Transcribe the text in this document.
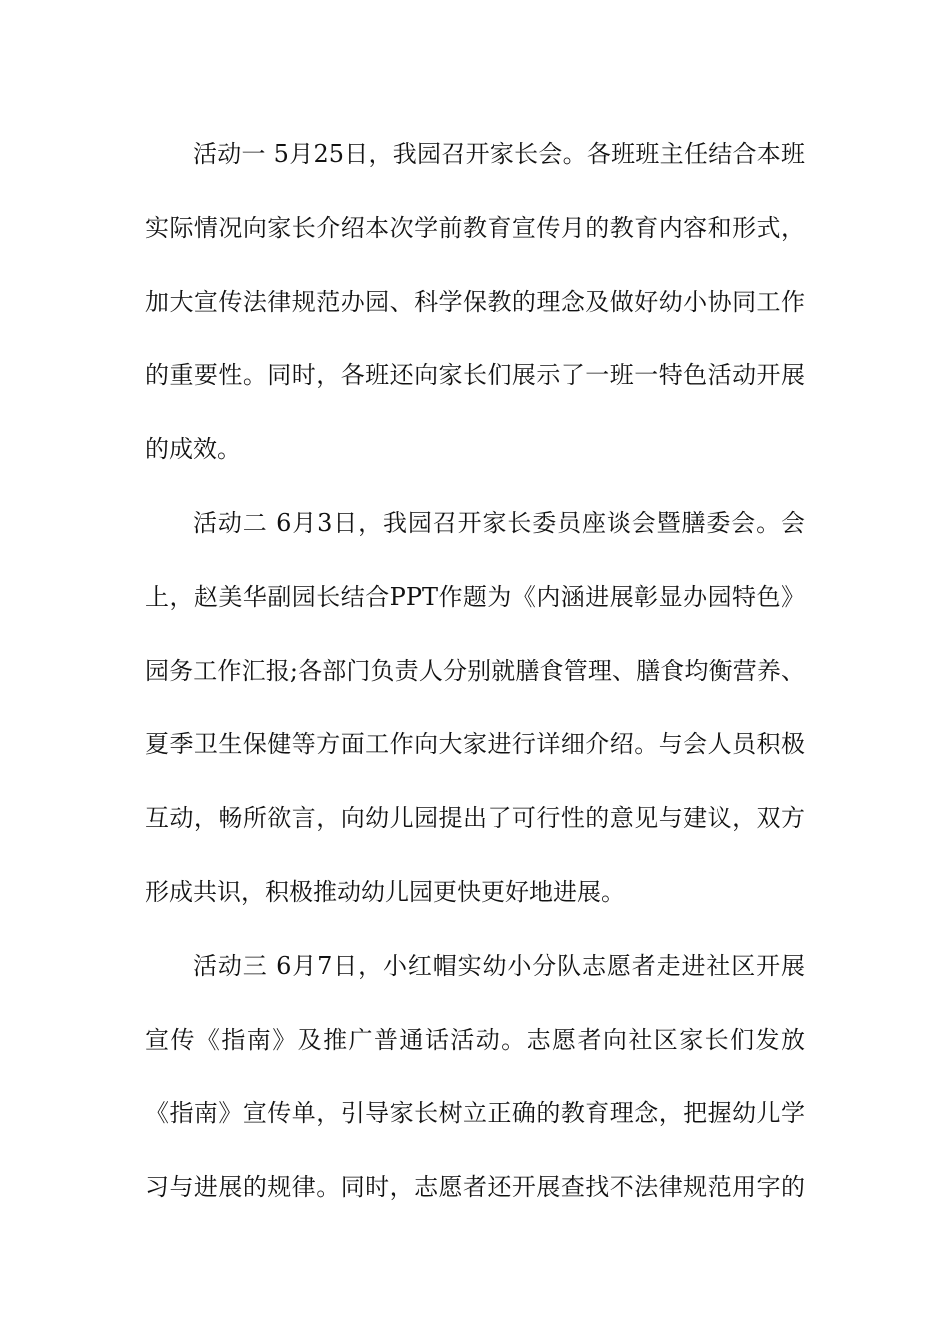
活动一 5月25日，我园召开家长会。各班班主任结合本班
实际情况向家长介绍本次学前教育宣传月的教育内容和形式，
加大宣传法律规范办园、科学保教的理念及做好幼小协同工作
的重要性。同时，各班还向家长们展示了一班一特色活动开展
的成效。
活动二 6月3日，我园召开家长委员座谈会暨膳委会。会
上，赵美华副园长结合PPT作题为《内涵进展彰显办园特色》
园务工作汇报;各部门负责人分别就膳食管理、膳食均衡营养、
夏季卫生保健等方面工作向大家进行详细介绍。与会人员积极
互动，畅所欲言，向幼儿园提出了可行性的意见与建议，双方
形成共识，积极推动幼儿园更快更好地进展。
活动三 6月7日，小红帽实幼小分队志愿者走进社区开展
宣传《指南》及推广普通话活动。志愿者向社区家长们发放
《指南》宣传单，引导家长树立正确的教育理念，把握幼儿学
习与进展的规律。同时，志愿者还开展查找不法律规范用字的
